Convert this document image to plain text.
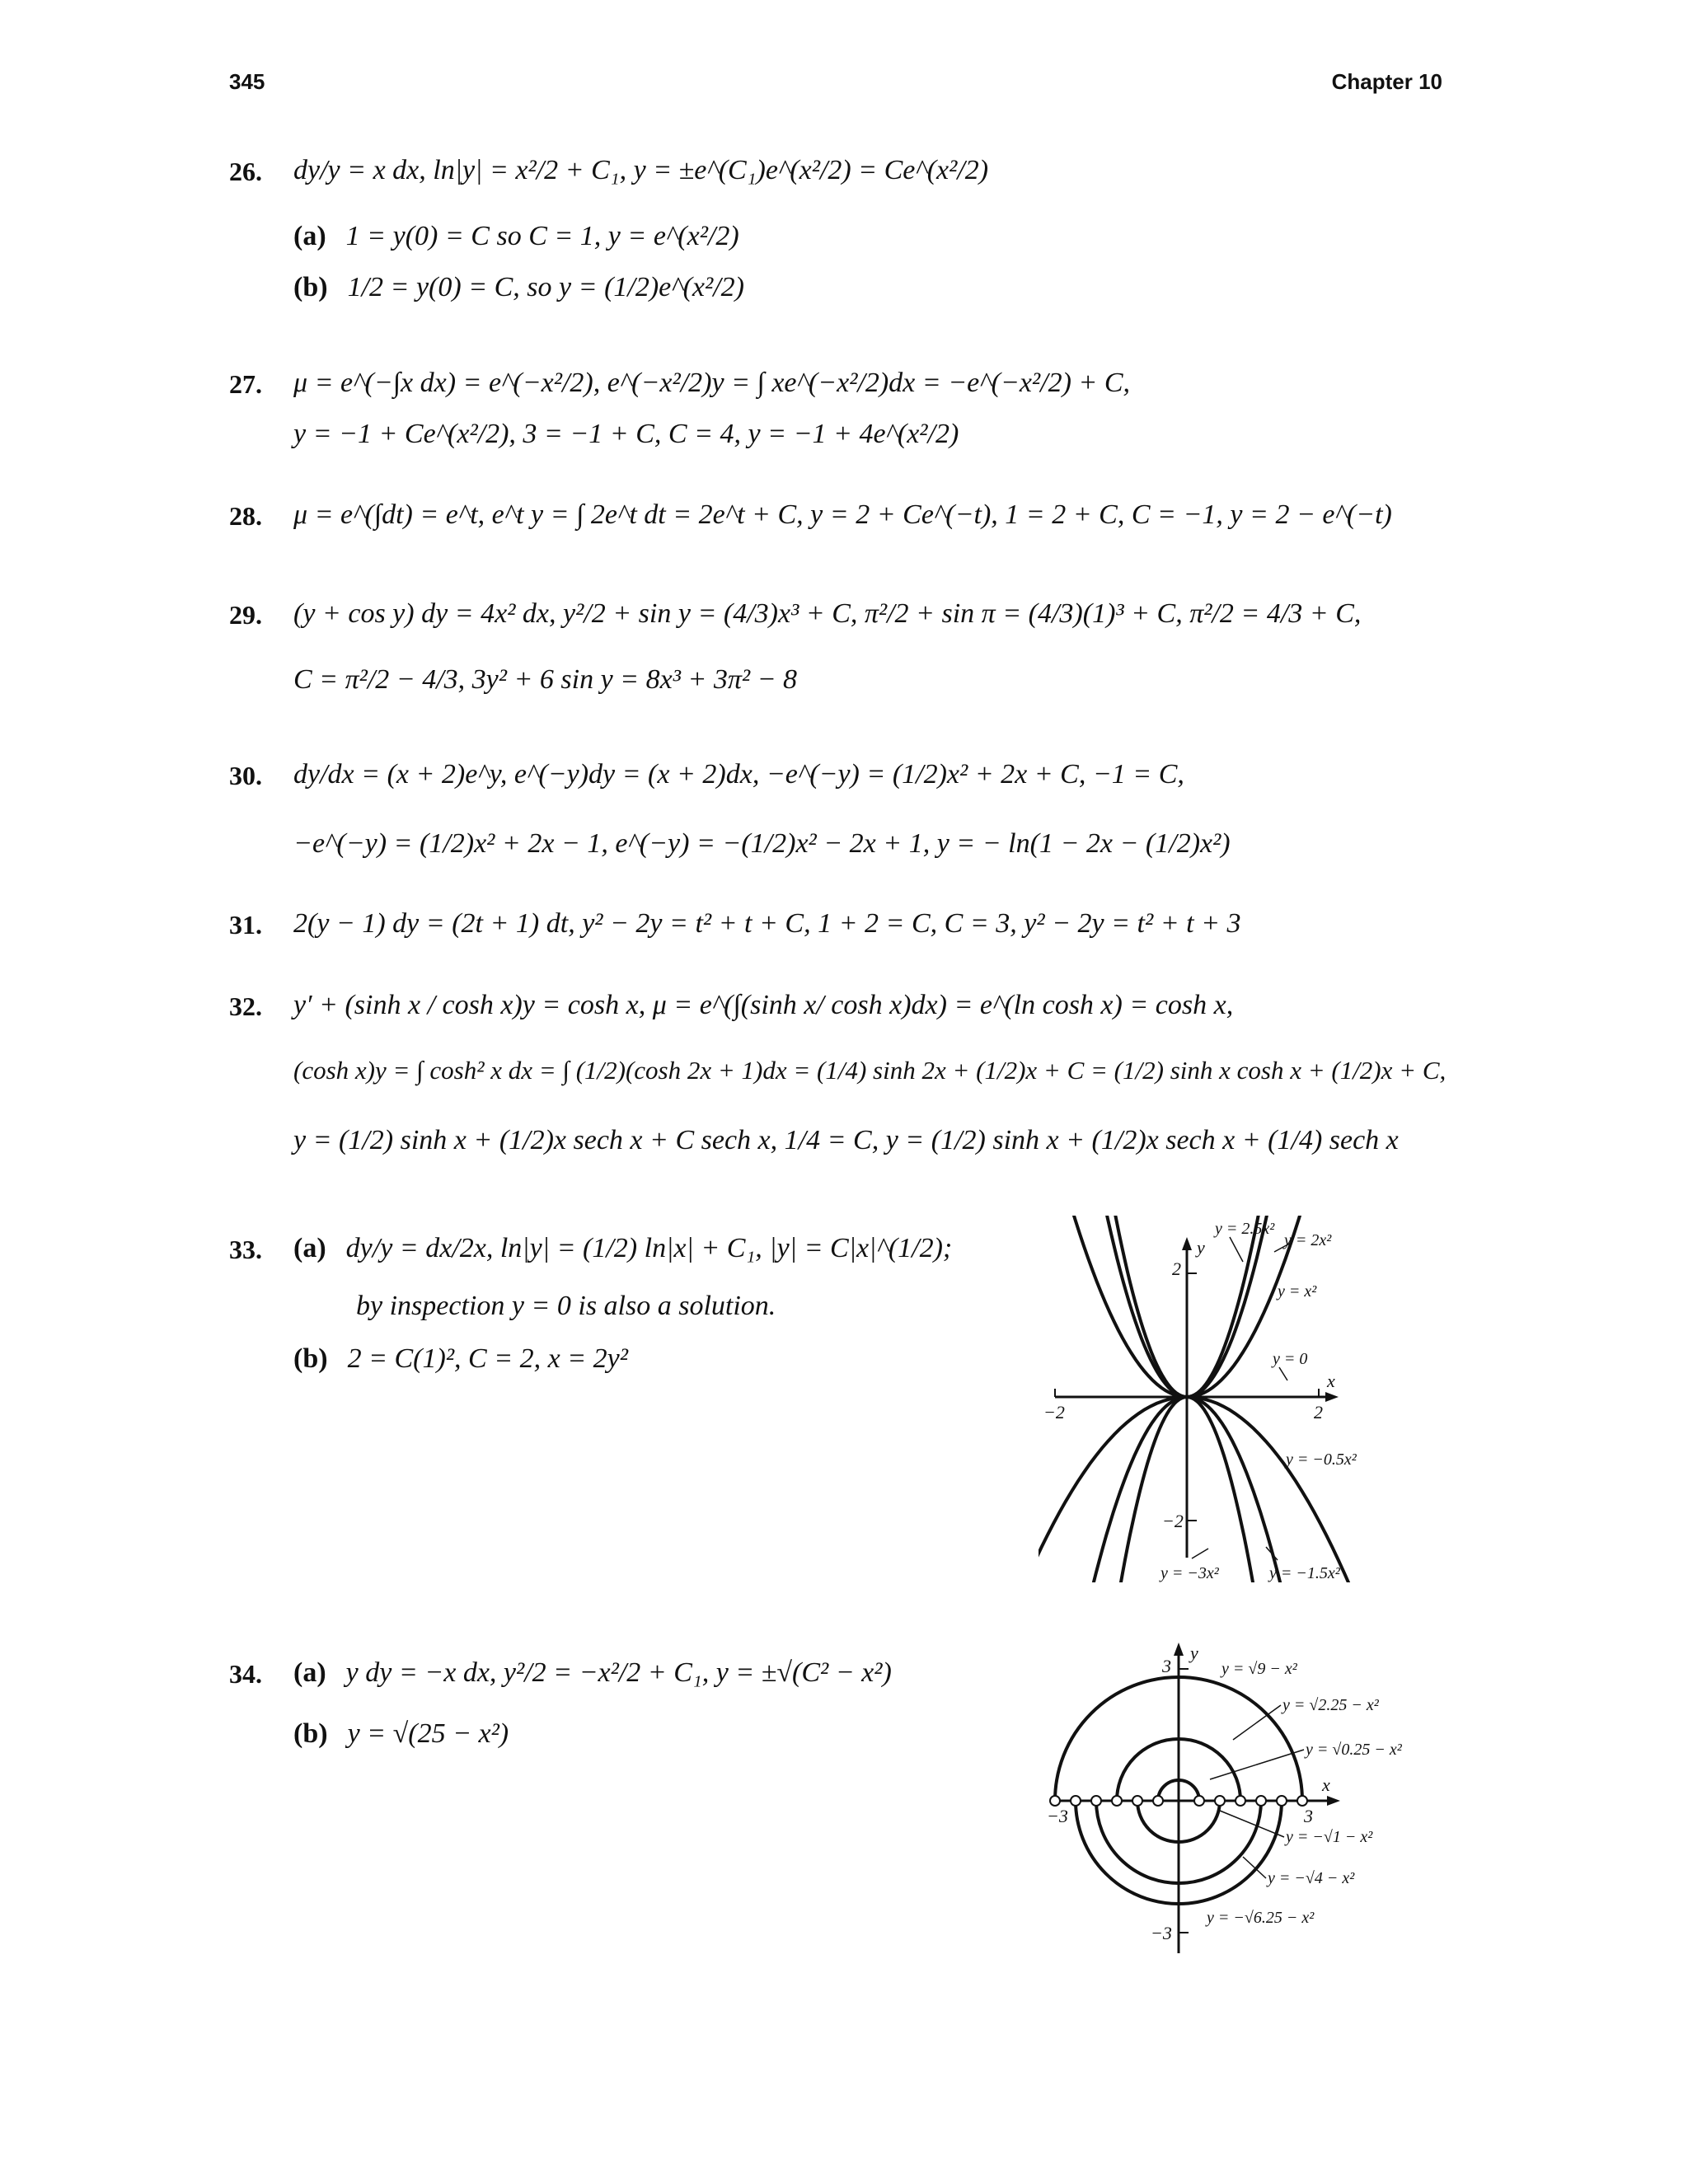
345	Chapter 10
26. dy/y = x dx, ln|y| = x²/2 + C₁, y = ±e^(C₁)e^(x²/2) = Ce^(x²/2)
(a) 1 = y(0) = C so C = 1, y = e^(x²/2)
(b) 1/2 = y(0) = C, so y = (1/2)e^(x²/2)
27. μ = e^(−∫x dx) = e^(−x²/2), e^(−x²/2)y = ∫ xe^(−x²/2)dx = −e^(−x²/2) + C,
y = −1 + Ce^(x²/2), 3 = −1 + C, C = 4, y = −1 + 4e^(x²/2)
28. μ = e^(∫dt) = e^t, e^t y = ∫ 2e^t dt = 2e^t + C, y = 2 + Ce^(−t), 1 = 2 + C, C = −1, y = 2 − e^(−t)
29. (y + cos y) dy = 4x² dx, y²/2 + sin y = (4/3)x³ + C, π²/2 + sin π = (4/3)(1)³ + C, π²/2 = 4/3 + C,
C = π²/2 − 4/3, 3y² + 6 sin y = 8x³ + 3π² − 8
30. dy/dx = (x + 2)e^y, e^(−y)dy = (x + 2)dx, −e^(−y) = (1/2)x² + 2x + C, −1 = C,
−e^(−y) = (1/2)x² + 2x − 1, e^(−y) = −(1/2)x² − 2x + 1, y = − ln(1 − 2x − (1/2)x²)
31. 2(y − 1) dy = (2t + 1) dt, y² − 2y = t² + t + C, 1 + 2 = C, C = 3, y² − 2y = t² + t + 3
32. y′ + (sinh x / cosh x)y = cosh x, μ = e^(∫(sinh x/ cosh x)dx) = e^(ln cosh x) = cosh x,
(cosh x)y = ∫ cosh² x dx = ∫ (1/2)(cosh 2x + 1)dx = (1/4) sinh 2x + (1/2)x + C = (1/2) sinh x cosh x + (1/2)x + C,
y = (1/2) sinh x + (1/2)x sech x + C sech x, 1/4 = C, y = (1/2) sinh x + (1/2)x sech x + (1/4) sech x
33. (a) dy/y = dx/2x, ln|y| = (1/2) ln|x| + C₁, |y| = C|x|^(1/2);
by inspection y = 0 is also a solution.
(b) 2 = C(1)², C = 2, x = 2y²
2
−2
2
−2
x
y
y = 2.5x²
y = 2x²
y = x²
y = 0
y = −0.5x²
y = −3x²	y = −1.5x²
34. (a) y dy = −x dx, y²/2 = −x²/2 + C₁, y = ±√(C² − x²)
(b) y = √(25 − x²)
3
−3
3
−3
x
y
y = √9 − x²
y = √2.25 − x²
y = √0.25 − x²
y = −√1 − x²
y = −√4 − x²
y = −√6.25 − x²
